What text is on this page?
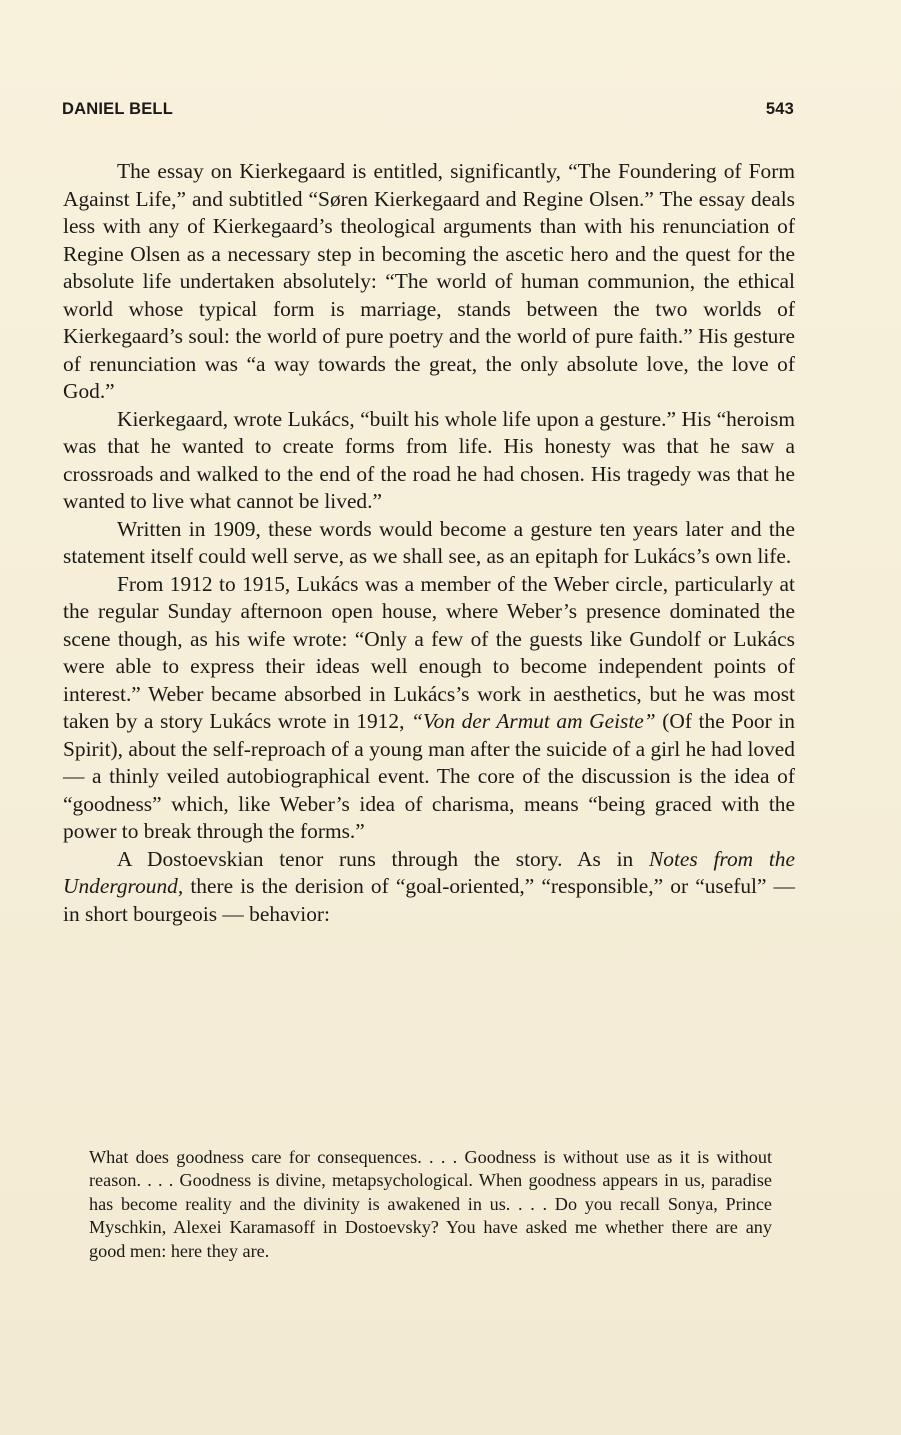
DANIEL BELL	543

The essay on Kierkegaard is entitled, significantly, “The Foundering of Form Against Life,” and subtitled “Søren Kierkegaard and Regine Olsen.” The essay deals less with any of Kierkegaard’s theological arguments than with his renunciation of Regine Olsen as a necessary step in becoming the ascetic hero and the quest for the absolute life undertaken absolutely: “The world of human communion, the ethical world whose typical form is marriage, stands between the two worlds of Kierkegaard’s soul: the world of pure poetry and the world of pure faith.” His gesture of renunciation was “a way towards the great, the only absolute love, the love of God.”

Kierkegaard, wrote Lukács, “built his whole life upon a gesture.” His “heroism was that he wanted to create forms from life. His honesty was that he saw a crossroads and walked to the end of the road he had chosen. His tragedy was that he wanted to live what cannot be lived.”

Written in 1909, these words would become a gesture ten years later and the statement itself could well serve, as we shall see, as an epitaph for Lukács’s own life.

From 1912 to 1915, Lukács was a member of the Weber circle, particularly at the regular Sunday afternoon open house, where Weber’s presence dominated the scene though, as his wife wrote: “Only a few of the guests like Gundolf or Lukács were able to express their ideas well enough to become independent points of interest.” Weber became absorbed in Lukács’s work in aesthetics, but he was most taken by a story Lukács wrote in 1912, “Von der Armut am Geiste” (Of the Poor in Spirit), about the self-reproach of a young man after the suicide of a girl he had loved — a thinly veiled autobiographical event. The core of the discussion is the idea of “goodness” which, like Weber’s idea of charisma, means “being graced with the power to break through the forms.”

A Dostoevskian tenor runs through the story. As in Notes from the Underground, there is the derision of “goal-oriented,” “responsible,” or “useful” — in short bourgeois — behavior:

What does goodness care for consequences. . . . Goodness is without use as it is without reason. . . . Goodness is divine, metapsychological. When goodness appears in us, paradise has become reality and the divinity is awakened in us. . . . Do you recall Sonya, Prince Myschkin, Alexei Karamasoff in Dostoevsky? You have asked me whether there are any good men: here they are.
